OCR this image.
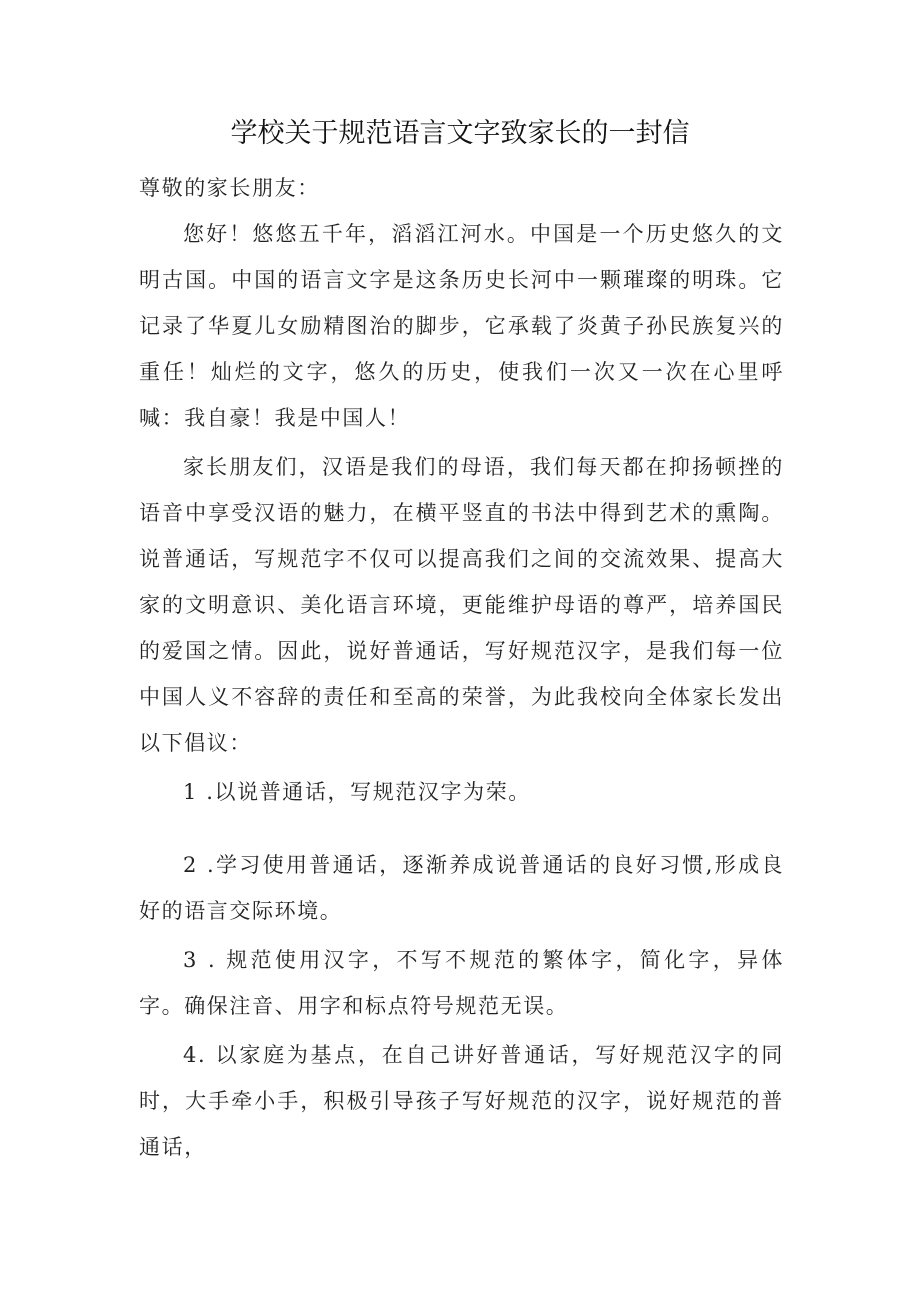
学校关于规范语言文字致家长的一封信
尊敬的家长朋友：

您好！悠悠五千年，滔滔江河水。中国是一个历史悠久的文明古国。中国的语言文字是这条历史长河中一颗璀璨的明珠。它记录了华夏儿女励精图治的脚步，它承载了炎黄子孙民族复兴的重任！灿烂的文字，悠久的历史，使我们一次又一次在心里呼喊：我自豪！我是中国人！

家长朋友们，汉语是我们的母语，我们每天都在抑扬顿挫的语音中享受汉语的魅力，在横平竖直的书法中得到艺术的熏陶。说普通话，写规范字不仅可以提高我们之间的交流效果、提高大家的文明意识、美化语言环境，更能维护母语的尊严，培养国民的爱国之情。因此，说好普通话，写好规范汉字，是我们每一位中国人义不容辞的责任和至高的荣誉，为此我校向全体家长发出以下倡议：

1 .以说普通话，写规范汉字为荣。

2 .学习使用普通话，逐渐养成说普通话的良好习惯,形成良好的语言交际环境。

3 . 规范使用汉字，不写不规范的繁体字，简化字，异体字。确保注音、用字和标点符号规范无误。

4. 以家庭为基点，在自己讲好普通话，写好规范汉字的同时，大手牵小手，积极引导孩子写好规范的汉字，说好规范的普通话，
